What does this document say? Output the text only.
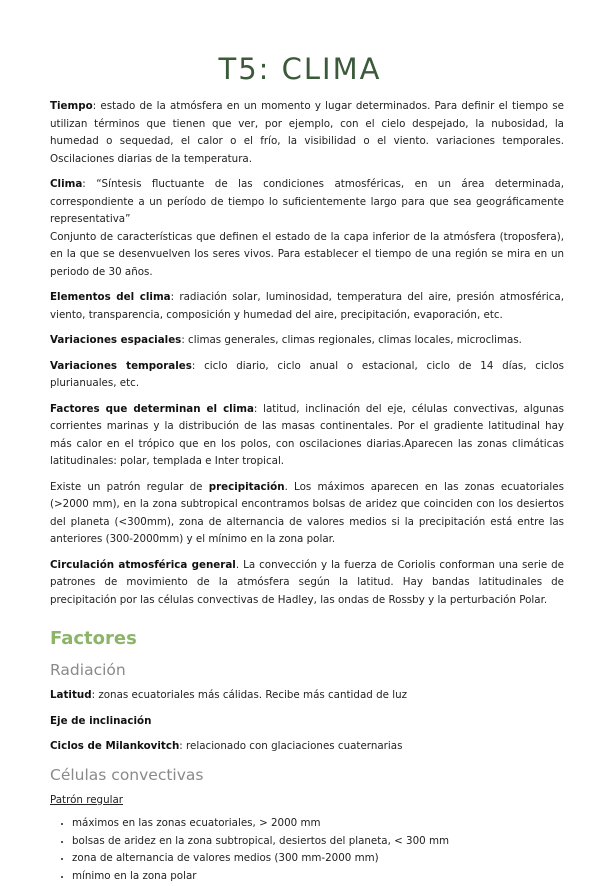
T5: CLIMA

Tiempo: estado de la atmósfera en un momento y lugar determinados. Para definir el tiempo se utilizan términos que tienen que ver, por ejemplo, con el cielo despejado, la nubosidad, la humedad o sequedad, el calor o el frío, la visibilidad o el viento. variaciones temporales. Oscilaciones diarias de la temperatura.

Clima: “Síntesis fluctuante de las condiciones atmosféricas, en un área determinada, correspondiente a un período de tiempo lo suficientemente largo para que sea geográficamente representativa”
Conjunto de características que definen el estado de la capa inferior de la atmósfera (troposfera), en la que se desenvuelven los seres vivos. Para establecer el tiempo de una región se mira en un periodo de 30 años.

Elementos del clima: radiación solar, luminosidad, temperatura del aire, presión atmosférica, viento, transparencia, composición y humedad del aire, precipitación, evaporación, etc.

Variaciones espaciales: climas generales, climas regionales, climas locales, microclimas.

Variaciones temporales: ciclo diario, ciclo anual o estacional, ciclo de 14 días, ciclos plurianuales, etc.

Factores que determinan el clima: latitud, inclinación del eje, células convectivas, algunas corrientes marinas y la distribución de las masas continentales. Por el gradiente latitudinal hay más calor en el trópico que en los polos, con oscilaciones diarias.Aparecen las zonas climáticas latitudinales: polar, templada e Inter tropical.

Existe un patrón regular de precipitación. Los máximos aparecen en las zonas ecuatoriales (>2000 mm), en la zona subtropical encontramos bolsas de aridez que coinciden con los desiertos del planeta (<300mm), zona de alternancia de valores medios si la precipitación está entre las anteriores (300-2000mm) y el mínimo en la zona polar.

Circulación atmosférica general. La convección y la fuerza de Coriolis conforman una serie de patrones de movimiento de la atmósfera según la latitud. Hay bandas latitudinales de precipitación por las células convectivas de Hadley, las ondas de Rossby y la perturbación Polar.

Factores
Radiación

Latitud: zonas ecuatoriales más cálidas. Recibe más cantidad de luz

Eje de inclinación

Ciclos de Milankovitch: relacionado con glaciaciones cuaternarias

Células convectivas

Patrón regular

• máximos en las zonas ecuatoriales, > 2000 mm
• bolsas de aridez en la zona subtropical, desiertos del planeta, < 300 mm
• zona de alternancia de valores medios (300 mm-2000 mm)
• mínimo en la zona polar
